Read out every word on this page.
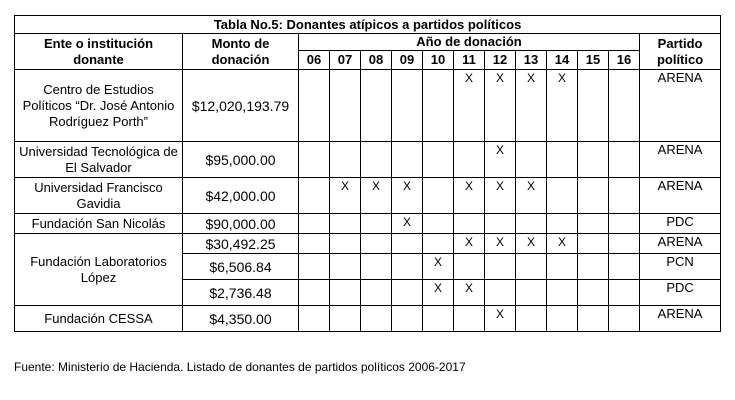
Tabla No.5: Donantes atípicos a partidos políticos													
Ente o institución donante	Monto de donación	Año de donación											Partido político
		06	07	08	09	10	11	12	13	14	15	16	
Centro de Estudios Políticos “Dr. José Antonio Rodríguez Porth”	$12,020,193.79						X	X	X	X			ARENA
Universidad Tecnológica de El Salvador	$95,000.00							X					ARENA
Universidad Francisco Gavidia	$42,000.00		X	X	X		X	X	X				ARENA
Fundación San Nicolás	$90,000.00				X								PDC
Fundación Laboratorios López	$30,492.25						X	X	X	X			ARENA
	$6,506.84					X							PCN
	$2,736.48					X	X						PDC
Fundación CESSA	$4,350.00							X					ARENA
Fuente: Ministerio de Hacienda. Listado de donantes de partidos políticos 2006-2017
